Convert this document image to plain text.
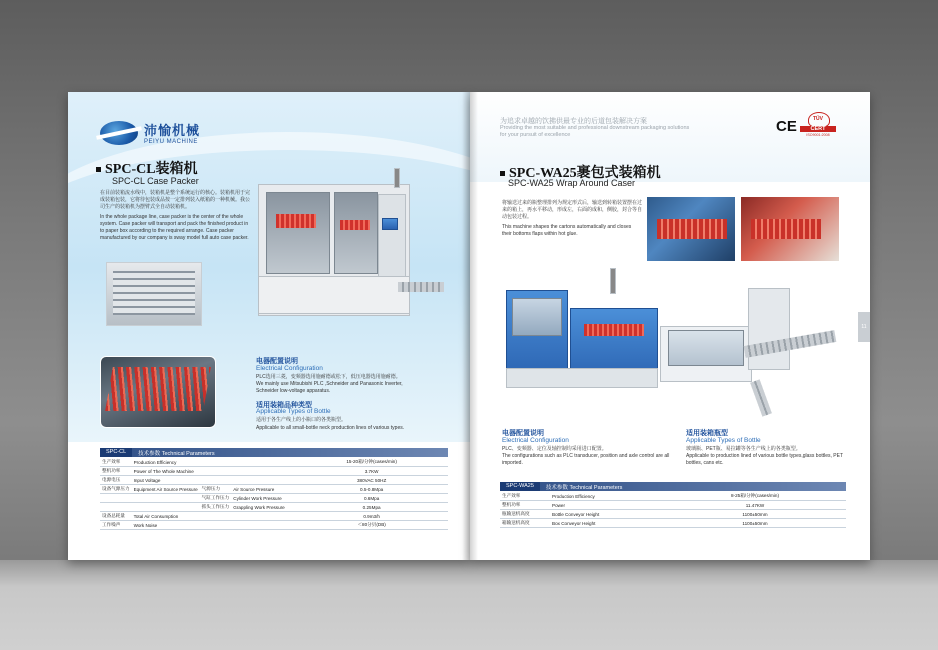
沛愉机械
PEIYU MACHINE
SPC-CL装箱机
SPC-CL Case Packer
在目前装箱流水线中，装箱机是整个系统运行的核心。装箱机用于完成装箱包装，它将待包装成品按一定排列装入纸箱的一种机械。我公司生产的装箱机为摆臂式全自动装箱机。
In the whole package line, case packer is the center of the whole system. Case packer will transport and pack the finished product in to paper box according to the required arrange. Case packer manufactured by our company is sway model full auto case packer.
电器配置说明
Electrical Configuration
PLC选用三菱，变频器选用施耐德或松下，低压电器选用施耐德。
We mainly use Mitsubishi PLC ,Schneider and Panasonic Inverter, Schneider low-voltage apparatus.
适用装箱品种类型
Applicable Types of Bottle
适用于各生产线上的小瓶口的各类瓶型。
Applicable to all small-bottle neck production lines of various types.
SPC-CL	技术参数 Technical Parameters
生产效率	Production Efficiency			15-20箱/分钟(cases/min)
整机功率	Power of The Whole Machine			3.7KW
电源电压	Input Voltage			380VAC 50HZ
设备气源压力	Equipment Air Source Pressure	气源压力	Air Source Pressure	0.5-0.8Mpa
		气缸工作压力	Cylinder Work Pressure	0.6Mpa
		抓头工作压力	Grappling Work Pressure	0.25Mpa
设备总耗量	Total Air Consumption			0.9m3/h
工作噪声	Work Noise			＜80分贝(DB)
为追求卓越的饮拂供最专业的后道包装解决方案
Providing the most suitable and professional downstream packaging solutions
for your pursuit of excellence	CE	TÜV
CERT
ISO9001:2008
SPC-WA25裹包式装箱机
SPC-WA25 Wrap Around Caser
将输送过来的瓶整理排列为规定形式后，输送到转箱装置摆在过来的箱上，再水平移动，形成左，右面的成和，侧胶，封合等自动包装过程。
This machine shapes the cartons automatically and closes their bottoms flaps within hot glue.
电器配置说明
Electrical Configuration
PLC、变频器、定位及轴控制均采用进口配置。
The configurations such as PLC transducer, position and axle control are all imported.
适用装箱瓶型
Applicable Types of Bottle
玻璃瓶、PET瓶、易拉罐等各生产线上的各类瓶型。
Applicable to production lined of various bottle types,glass bottles, PET bottles, cans etc.
SPC-WA25	技术参数 Technical Parameters
生产效率	Production Efficiency	8-25箱/分钟(cases/min)
整机功率	Power	11.47KW
瓶输送机高度	Bottle Conveyor Height	1100±50mm
箱输送机高度	Box Conveyor Height	1100±50mm
11
